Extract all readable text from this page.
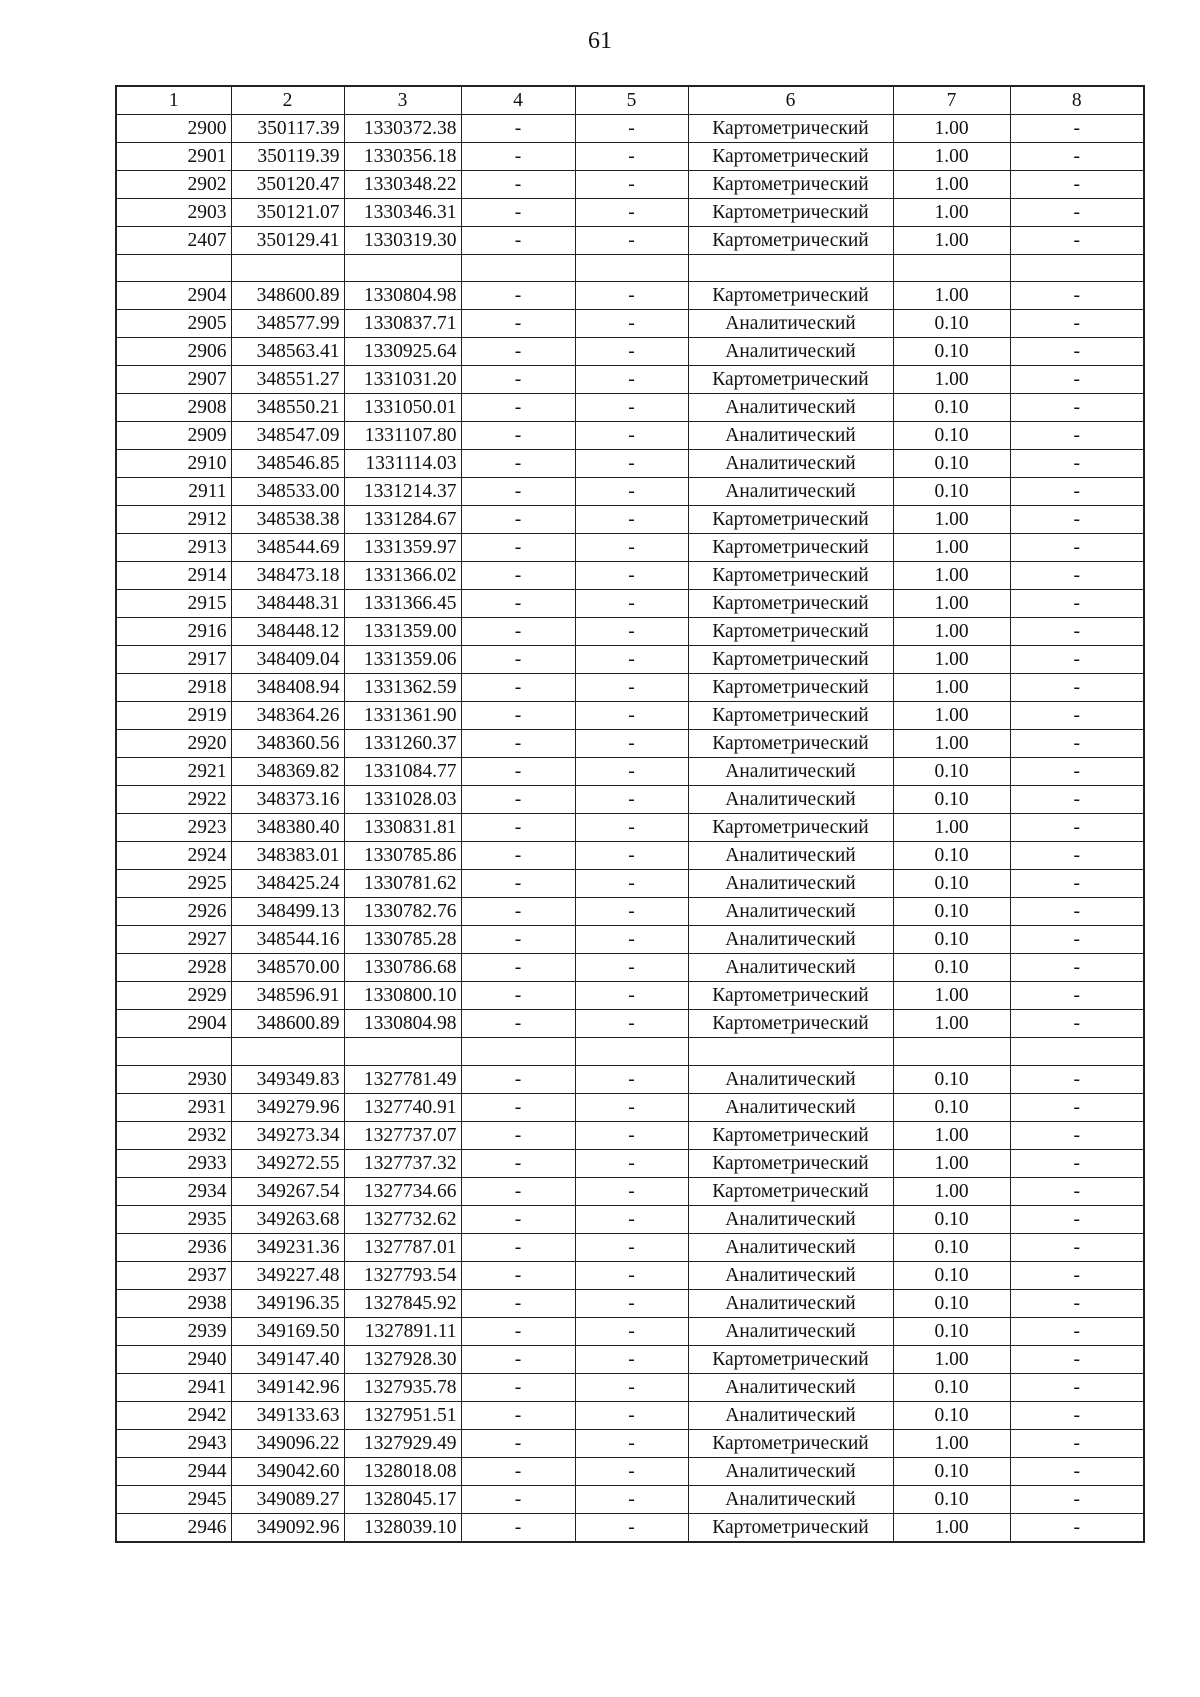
61
1	2	3	4	5	6	7	8
2900	350117.39	1330372.38	-	-	Картометрический	1.00	-
2901	350119.39	1330356.18	-	-	Картометрический	1.00	-
2902	350120.47	1330348.22	-	-	Картометрический	1.00	-
2903	350121.07	1330346.31	-	-	Картометрический	1.00	-
2407	350129.41	1330319.30	-	-	Картометрический	1.00	-

2904	348600.89	1330804.98	-	-	Картометрический	1.00	-
2905	348577.99	1330837.71	-	-	Аналитический	0.10	-
2906	348563.41	1330925.64	-	-	Аналитический	0.10	-
2907	348551.27	1331031.20	-	-	Картометрический	1.00	-
2908	348550.21	1331050.01	-	-	Аналитический	0.10	-
2909	348547.09	1331107.80	-	-	Аналитический	0.10	-
2910	348546.85	1331114.03	-	-	Аналитический	0.10	-
2911	348533.00	1331214.37	-	-	Аналитический	0.10	-
2912	348538.38	1331284.67	-	-	Картометрический	1.00	-
2913	348544.69	1331359.97	-	-	Картометрический	1.00	-
2914	348473.18	1331366.02	-	-	Картометрический	1.00	-
2915	348448.31	1331366.45	-	-	Картометрический	1.00	-
2916	348448.12	1331359.00	-	-	Картометрический	1.00	-
2917	348409.04	1331359.06	-	-	Картометрический	1.00	-
2918	348408.94	1331362.59	-	-	Картометрический	1.00	-
2919	348364.26	1331361.90	-	-	Картометрический	1.00	-
2920	348360.56	1331260.37	-	-	Картометрический	1.00	-
2921	348369.82	1331084.77	-	-	Аналитический	0.10	-
2922	348373.16	1331028.03	-	-	Аналитический	0.10	-
2923	348380.40	1330831.81	-	-	Картометрический	1.00	-
2924	348383.01	1330785.86	-	-	Аналитический	0.10	-
2925	348425.24	1330781.62	-	-	Аналитический	0.10	-
2926	348499.13	1330782.76	-	-	Аналитический	0.10	-
2927	348544.16	1330785.28	-	-	Аналитический	0.10	-
2928	348570.00	1330786.68	-	-	Аналитический	0.10	-
2929	348596.91	1330800.10	-	-	Картометрический	1.00	-
2904	348600.89	1330804.98	-	-	Картометрический	1.00	-

2930	349349.83	1327781.49	-	-	Аналитический	0.10	-
2931	349279.96	1327740.91	-	-	Аналитический	0.10	-
2932	349273.34	1327737.07	-	-	Картометрический	1.00	-
2933	349272.55	1327737.32	-	-	Картометрический	1.00	-
2934	349267.54	1327734.66	-	-	Картометрический	1.00	-
2935	349263.68	1327732.62	-	-	Аналитический	0.10	-
2936	349231.36	1327787.01	-	-	Аналитический	0.10	-
2937	349227.48	1327793.54	-	-	Аналитический	0.10	-
2938	349196.35	1327845.92	-	-	Аналитический	0.10	-
2939	349169.50	1327891.11	-	-	Аналитический	0.10	-
2940	349147.40	1327928.30	-	-	Картометрический	1.00	-
2941	349142.96	1327935.78	-	-	Аналитический	0.10	-
2942	349133.63	1327951.51	-	-	Аналитический	0.10	-
2943	349096.22	1327929.49	-	-	Картометрический	1.00	-
2944	349042.60	1328018.08	-	-	Аналитический	0.10	-
2945	349089.27	1328045.17	-	-	Аналитический	0.10	-
2946	349092.96	1328039.10	-	-	Картометрический	1.00	-
